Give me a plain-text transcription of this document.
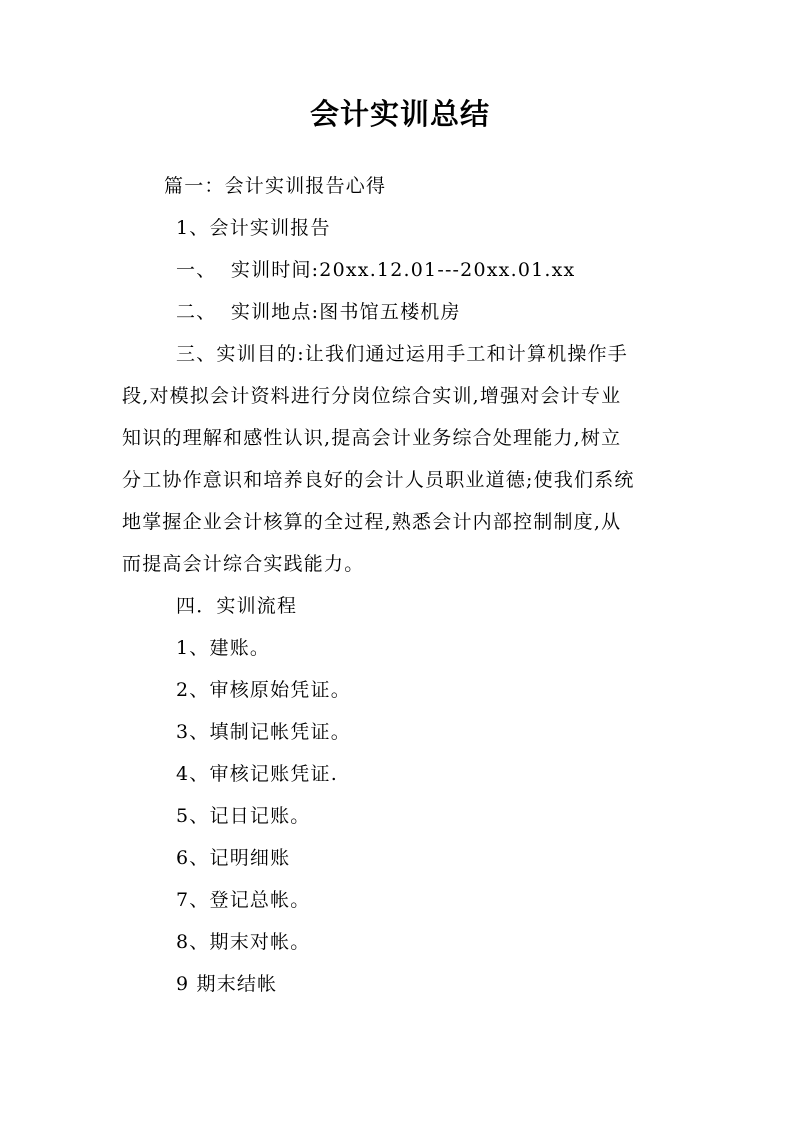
会计实训总结
篇一：会计实训报告心得
1、会计实训报告
一、  实训时间:20xx.12.01---20xx.01.xx
二、  实训地点:图书馆五楼机房
三、实训目的:让我们通过运用手工和计算机操作手
段,对模拟会计资料进行分岗位综合实训,增强对会计专业
知识的理解和感性认识,提高会计业务综合处理能力,树立
分工协作意识和培养良好的会计人员职业道德;使我们系统
地掌握企业会计核算的全过程,熟悉会计内部控制制度,从
而提高会计综合实践能力。
四．实训流程
1、建账。
2、审核原始凭证。
3、填制记帐凭证。
4、审核记账凭证.
5、记日记账。
6、记明细账
7、登记总帐。
8、期末对帐。
9 期末结帐
